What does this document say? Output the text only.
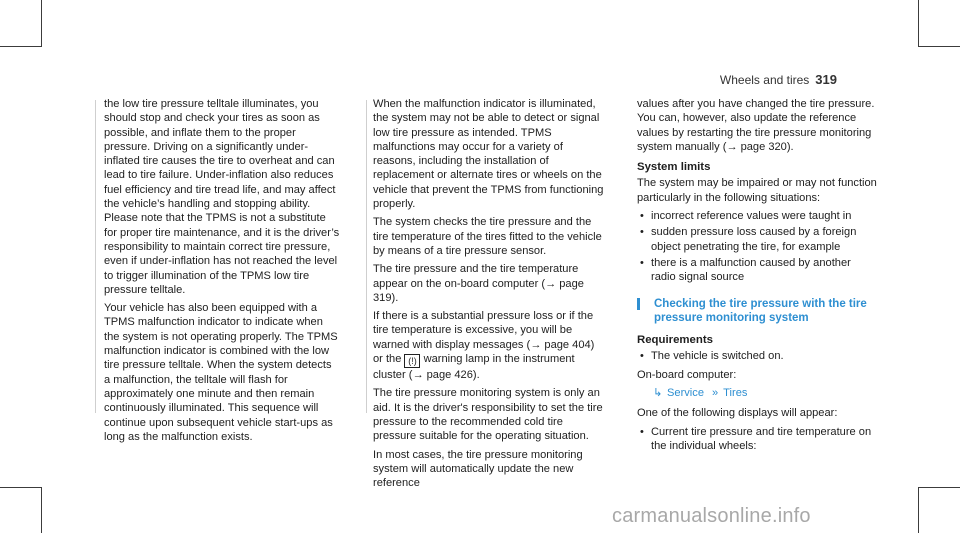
Wheels and tires 319

the low tire pressure telltale illuminates, you should stop and check your tires as soon as possible, and inflate them to the proper pressure. Driving on a significantly under-inflated tire causes the tire to overheat and can lead to tire failure. Under-inflation also reduces fuel efficiency and tire tread life, and may affect the vehicle’s handling and stopping ability. Please note that the TPMS is not a substitute for proper tire maintenance, and it is the driver’s responsibility to maintain correct tire pressure, even if under-inflation has not reached the level to trigger illumination of the TPMS low tire pressure telltale.

Your vehicle has also been equipped with a TPMS malfunction indicator to indicate when the system is not operating properly. The TPMS malfunction indicator is combined with the low tire pressure telltale. When the system detects a malfunction, the telltale will flash for approximately one minute and then remain continuously illuminated. This sequence will continue upon subsequent vehicle start-ups as long as the malfunction exists.

When the malfunction indicator is illuminated, the system may not be able to detect or signal low tire pressure as intended. TPMS malfunctions may occur for a variety of reasons, including the installation of replacement or alternate tires or wheels on the vehicle that prevent the TPMS from functioning properly.

The system checks the tire pressure and the tire temperature of the tires fitted to the vehicle by means of a tire pressure sensor.

The tire pressure and the tire temperature appear on the on-board computer (→ page 319).

If there is a substantial pressure loss or if the tire temperature is excessive, you will be warned with display messages (→ page 404) or the (!) warning lamp in the instrument cluster (→ page 426).

The tire pressure monitoring system is only an aid. It is the driver's responsibility to set the tire pressure to the recommended cold tire pressure suitable for the operating situation.

In most cases, the tire pressure monitoring system will automatically update the new reference

values after you have changed the tire pressure. You can, however, also update the reference values by restarting the tire pressure monitoring system manually (→ page 320).

System limits

The system may be impaired or may not function particularly in the following situations:

• incorrect reference values were taught in
• sudden pressure loss caused by a foreign object penetrating the tire, for example
• there is a malfunction caused by another radio signal source
Checking the tire pressure with the tire pressure monitoring system
Requirements
• The vehicle is switched on.

On-board computer:

↳ Service » Tires

One of the following displays will appear:

• Current tire pressure and tire temperature on the individual wheels:
carmanualsonline.info
